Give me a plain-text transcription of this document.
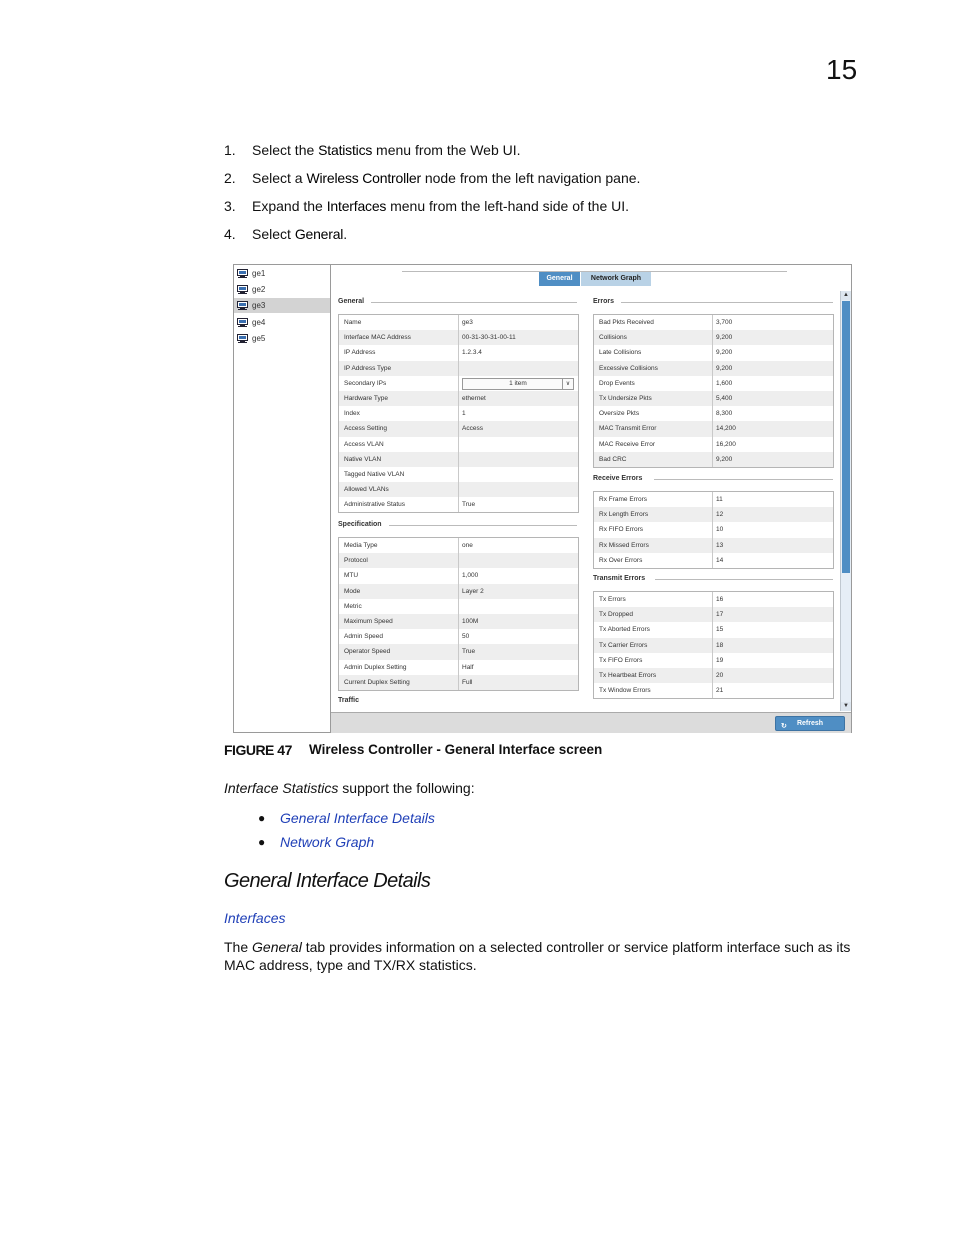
15
1.	Select the Statistics menu from the Web UI.
2.	Select a Wireless Controller node from the left navigation pane.
3.	Expand the Interfaces menu from the left-hand side of the UI.
4.	Select General.
ge1
ge2
ge3
ge4
ge5
General	Network Graph
General
Name	ge3
Interface MAC Address	00-31-30-31-00-11
IP Address	1.2.3.4
IP Address Type
Secondary IPs	1 item	∨
Hardware Type	ethernet
Index	1
Access Setting	Access
Access VLAN
Native VLAN
Tagged Native VLAN
Allowed VLANs
Administrative Status	True
Specification
Media Type	one
Protocol
MTU	1,000
Mode	Layer 2
Metric
Maximum Speed	100M
Admin Speed	50
Operator Speed	True
Admin Duplex Setting	Half
Current Duplex Setting	Full
Traffic
Errors
Bad Pkts Received	3,700
Collisions	9,200
Late Collisions	9,200
Excessive Collisions	9,200
Drop Events	1,600
Tx Undersize Pkts	5,400
Oversize Pkts	8,300
MAC Transmit Error	14,200
MAC Receive Error	16,200
Bad CRC	9,200
Receive Errors
Rx Frame Errors	11
Rx Length Errors	12
Rx FIFO Errors	10
Rx Missed Errors	13
Rx Over Errors	14
Transmit Errors
Tx Errors	16
Tx Dropped	17
Tx Aborted Errors	15
Tx Carrier Errors	18
Tx FIFO Errors	19
Tx Heartbeat Errors	20
Tx Window Errors	21
▲
▼
↻ Refresh
FIGURE 47 Wireless Controller - General Interface screen
Interface Statistics support the following:
●	General Interface Details
●	Network Graph
General Interface Details
Interfaces
The General tab provides information on a selected controller or service platform interface such as its MAC address, type and TX/RX statistics.
